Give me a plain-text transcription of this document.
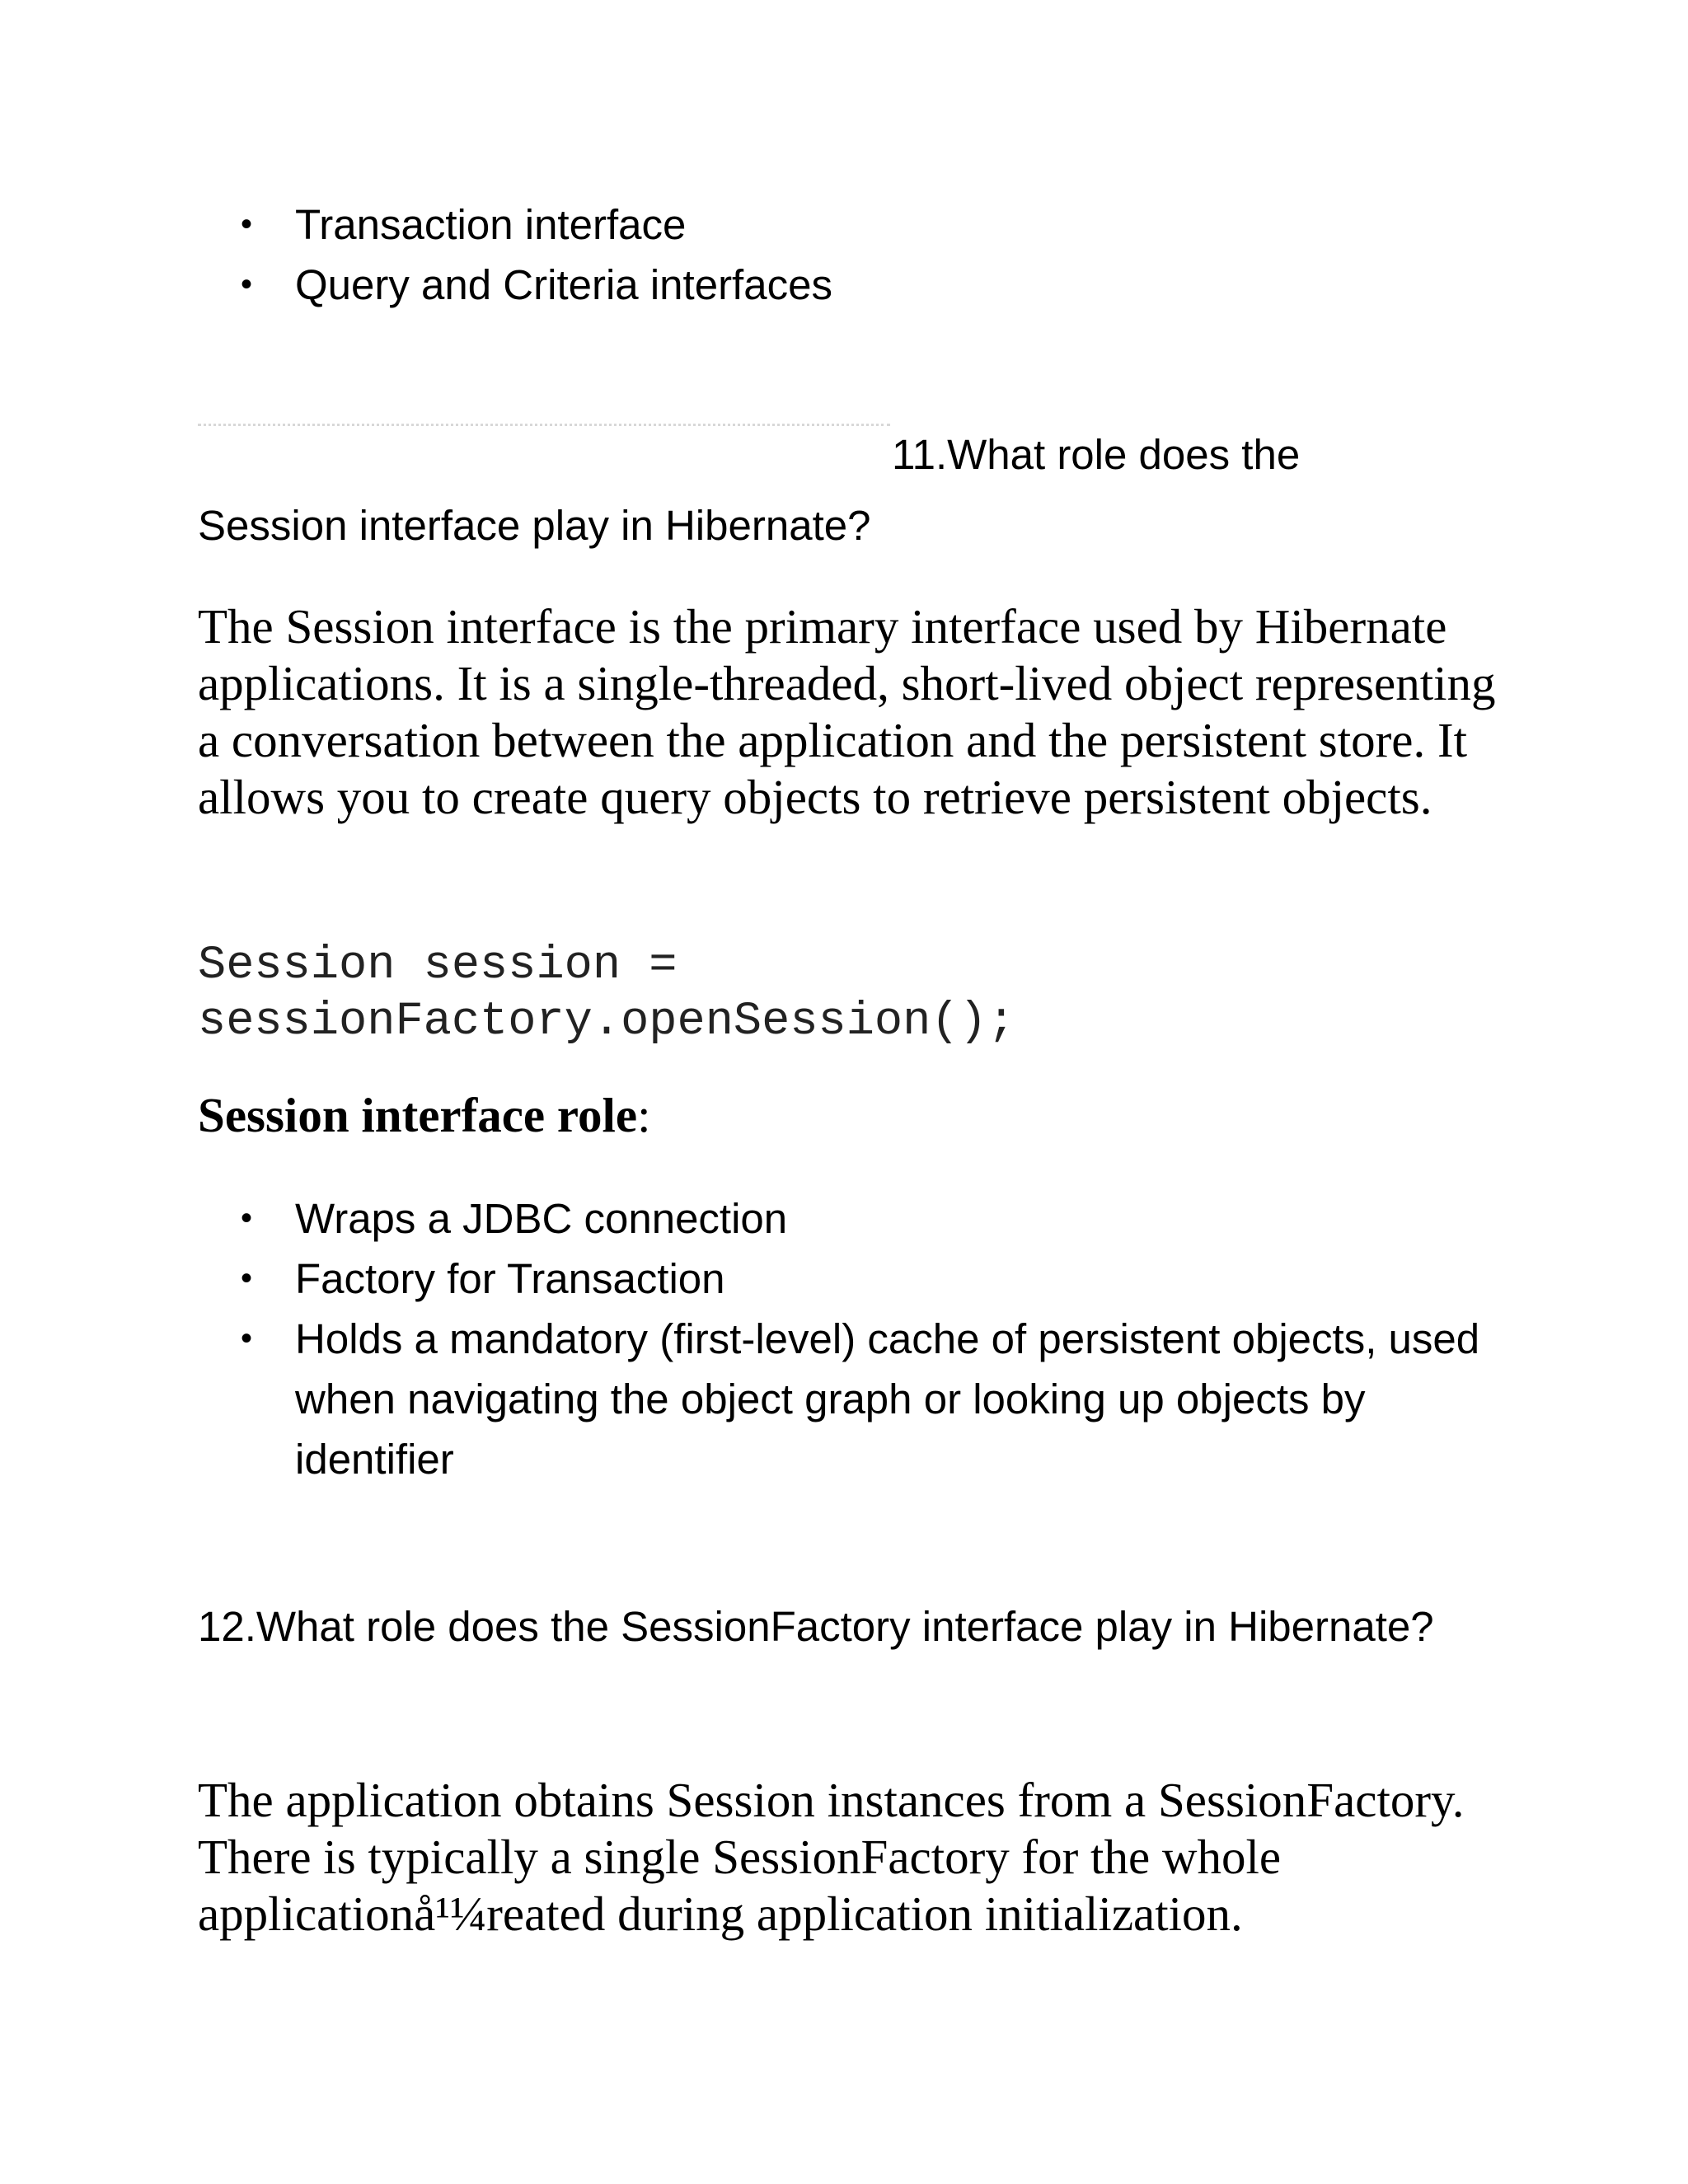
• Transaction interface
• Query and Criteria interfaces
11.What role does the
Session interface play in Hibernate?

The Session interface is the primary interface used by Hibernate applications. It is a single-threaded, short-lived object representing a conversation between the application and the persistent store. It allows you to create query objects to retrieve persistent objects.

Session session =
sessionFactory.openSession();
Session interface role:
• Wraps a JDBC connection
• Factory for Transaction
• Holds a mandatory (first-level) cache of persistent objects, used when navigating the object graph or looking up objects by identifier

12.What role does the SessionFactory interface play in Hibernate?

The application obtains Session instances from a SessionFactory. There is typically a single SessionFactory for the whole applicationå¹¼reated during application initialization.
